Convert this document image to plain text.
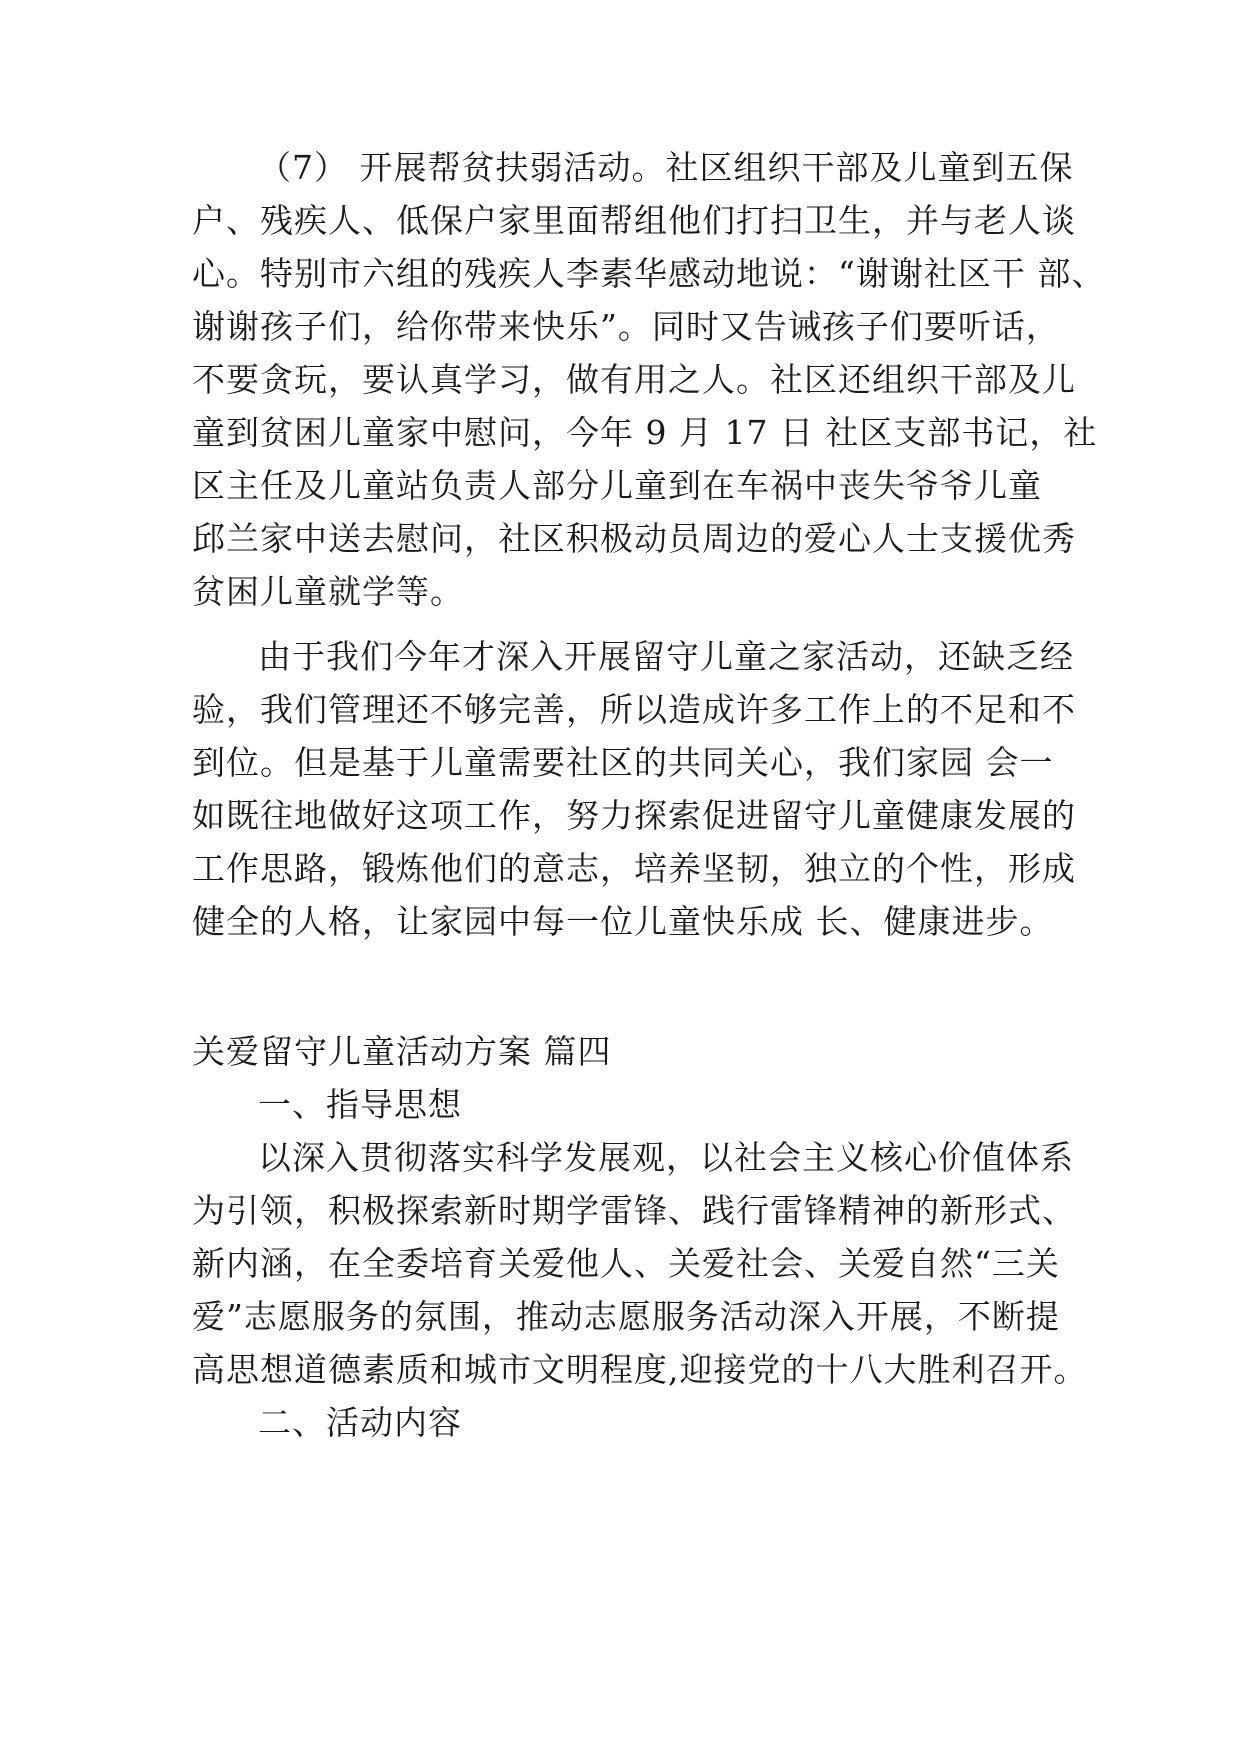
（7） 开展帮贫扶弱活动。社区组织干部及儿童到五保
户、残疾人、低保户家里面帮组他们打扫卫生，并与老人谈
心。特别市六组的残疾人李素华感动地说：“谢谢社区干 部、
谢谢孩子们，给你带来快乐”。同时又告诫孩子们要听话，
不要贪玩，要认真学习，做有用之人。社区还组织干部及儿
童到贫困儿童家中慰问，今年 9 月 17 日 社区支部书记，社
区主任及儿童站负责人部分儿童到在车祸中丧失爷爷儿童
邱兰家中送去慰问，社区积极动员周边的爱心人士支援优秀
贫困儿童就学等。
由于我们今年才深入开展留守儿童之家活动，还缺乏经
验，我们管理还不够完善，所以造成许多工作上的不足和不
到位。但是基于儿童需要社区的共同关心，我们家园 会一
如既往地做好这项工作，努力探索促进留守儿童健康发展的
工作思路，锻炼他们的意志，培养坚韧，独立的个性，形成
健全的人格，让家园中每一位儿童快乐成 长、健康进步。
关爱留守儿童活动方案 篇四
一、指导思想
以深入贯彻落实科学发展观，以社会主义核心价值体系
为引领，积极探索新时期学雷锋、践行雷锋精神的新形式、
新内涵，在全委培育关爱他人、关爱社会、关爱自然“三关
爱”志愿服务的氛围，推动志愿服务活动深入开展，不断提
高思想道德素质和城市文明程度,迎接党的十八大胜利召开。
二、活动内容
